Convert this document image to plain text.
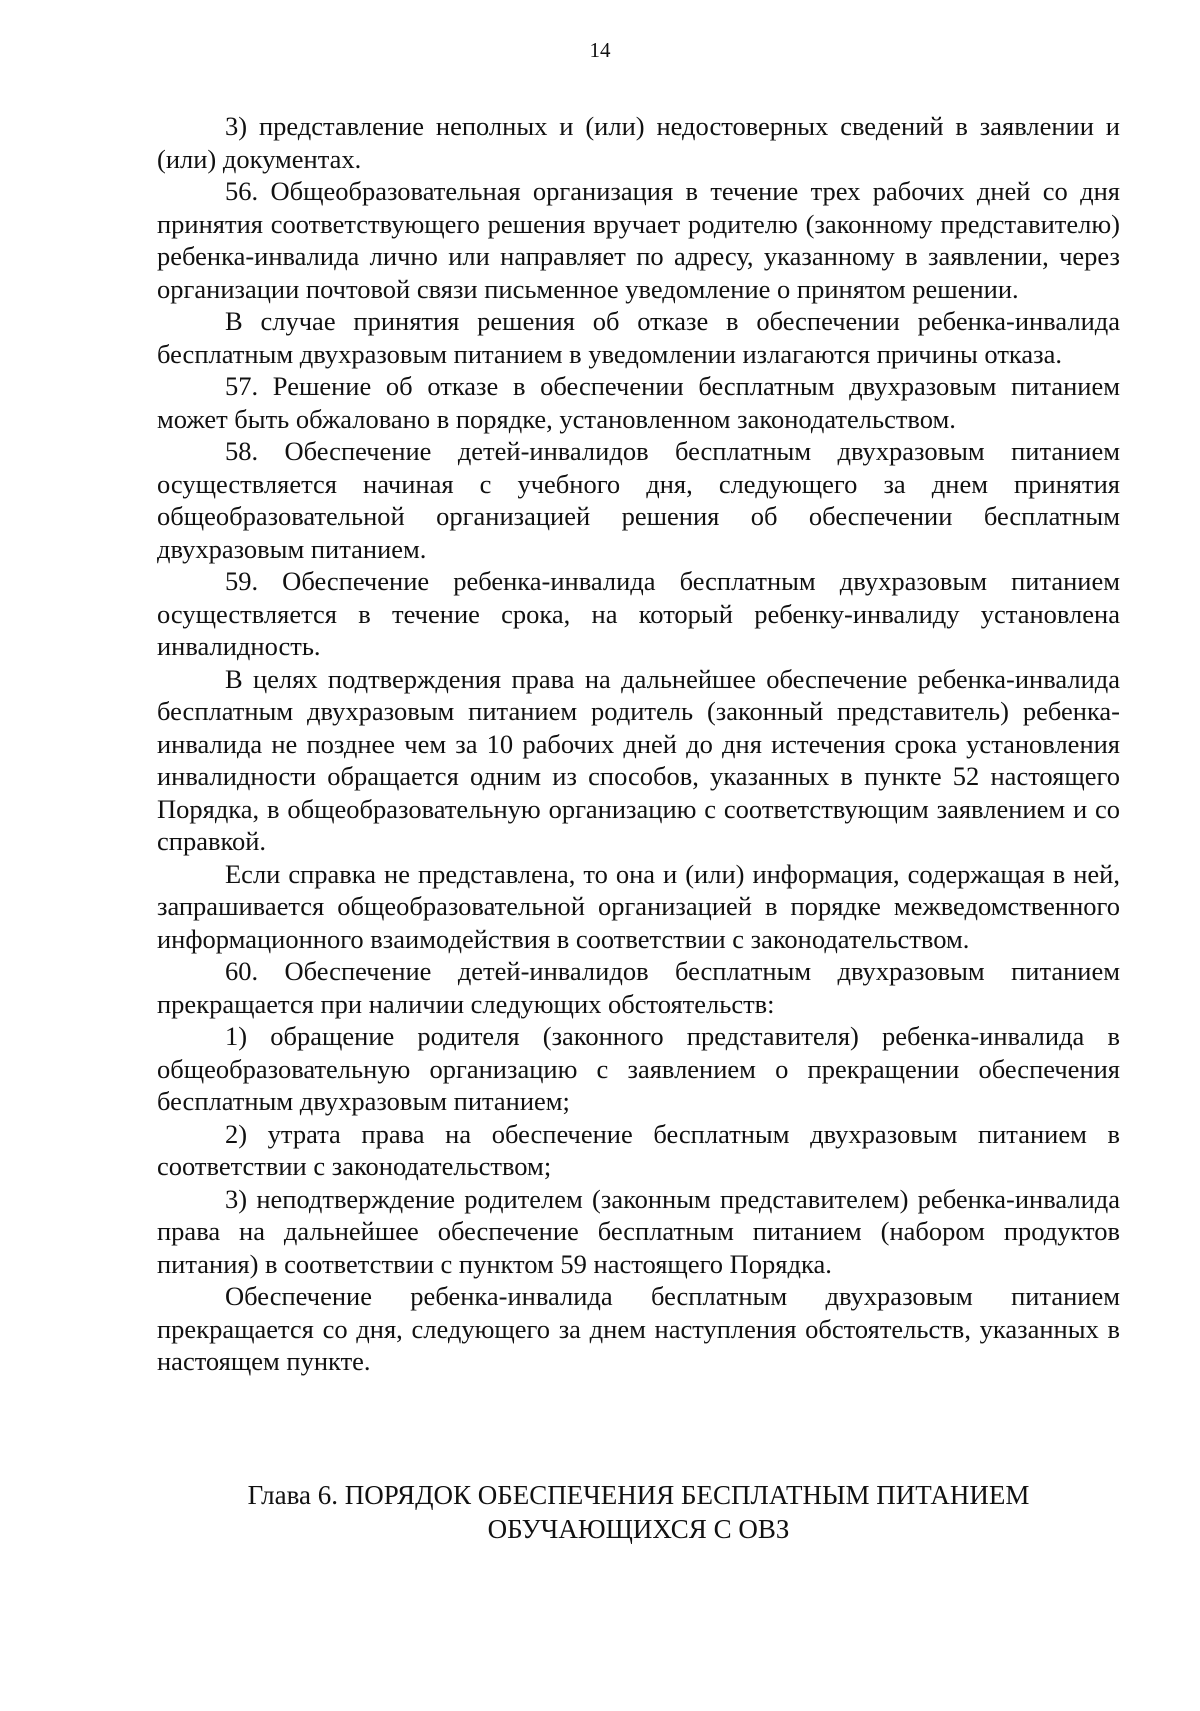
14

3) представление неполных и (или) недостоверных сведений в заявлении и (или) документах.

56. Общеобразовательная организация в течение трех рабочих дней со дня принятия соответствующего решения вручает родителю (законному представителю) ребенка-инвалида лично или направляет по адресу, указанному в заявлении, через организации почтовой связи письменное уведомление о принятом решении.

В случае принятия решения об отказе в обеспечении ребенка-инвалида бесплатным двухразовым питанием в уведомлении излагаются причины отказа.

57. Решение об отказе в обеспечении бесплатным двухразовым питанием может быть обжаловано в порядке, установленном законодательством.

58. Обеспечение детей-инвалидов бесплатным двухразовым питанием осуществляется начиная с учебного дня, следующего за днем принятия общеобразовательной организацией решения об обеспечении бесплатным двухразовым питанием.

59. Обеспечение ребенка-инвалида бесплатным двухразовым питанием осуществляется в течение срока, на который ребенку-инвалиду установлена инвалидность.

В целях подтверждения права на дальнейшее обеспечение ребенка-инвалида бесплатным двухразовым питанием родитель (законный представитель) ребенка-инвалида не позднее чем за 10 рабочих дней до дня истечения срока установления инвалидности обращается одним из способов, указанных в пункте 52 настоящего Порядка, в общеобразовательную организацию с соответствующим заявлением и со справкой.

Если справка не представлена, то она и (или) информация, содержащая в ней, запрашивается общеобразовательной организацией в порядке межведомственного информационного взаимодействия в соответствии с законодательством.

60. Обеспечение детей-инвалидов бесплатным двухразовым питанием прекращается при наличии следующих обстоятельств:

1) обращение родителя (законного представителя) ребенка-инвалида в общеобразовательную организацию с заявлением о прекращении обеспечения бесплатным двухразовым питанием;

2) утрата права на обеспечение бесплатным двухразовым питанием в соответствии с законодательством;

3) неподтверждение родителем (законным представителем) ребенка-инвалида права на дальнейшее обеспечение бесплатным питанием (набором продуктов питания) в соответствии с пунктом 59 настоящего Порядка.

Обеспечение ребенка-инвалида бесплатным двухразовым питанием прекращается со дня, следующего за днем наступления обстоятельств, указанных в настоящем пункте.

Глава 6. ПОРЯДОК ОБЕСПЕЧЕНИЯ БЕСПЛАТНЫМ ПИТАНИЕМ
ОБУЧАЮЩИХСЯ С ОВЗ
